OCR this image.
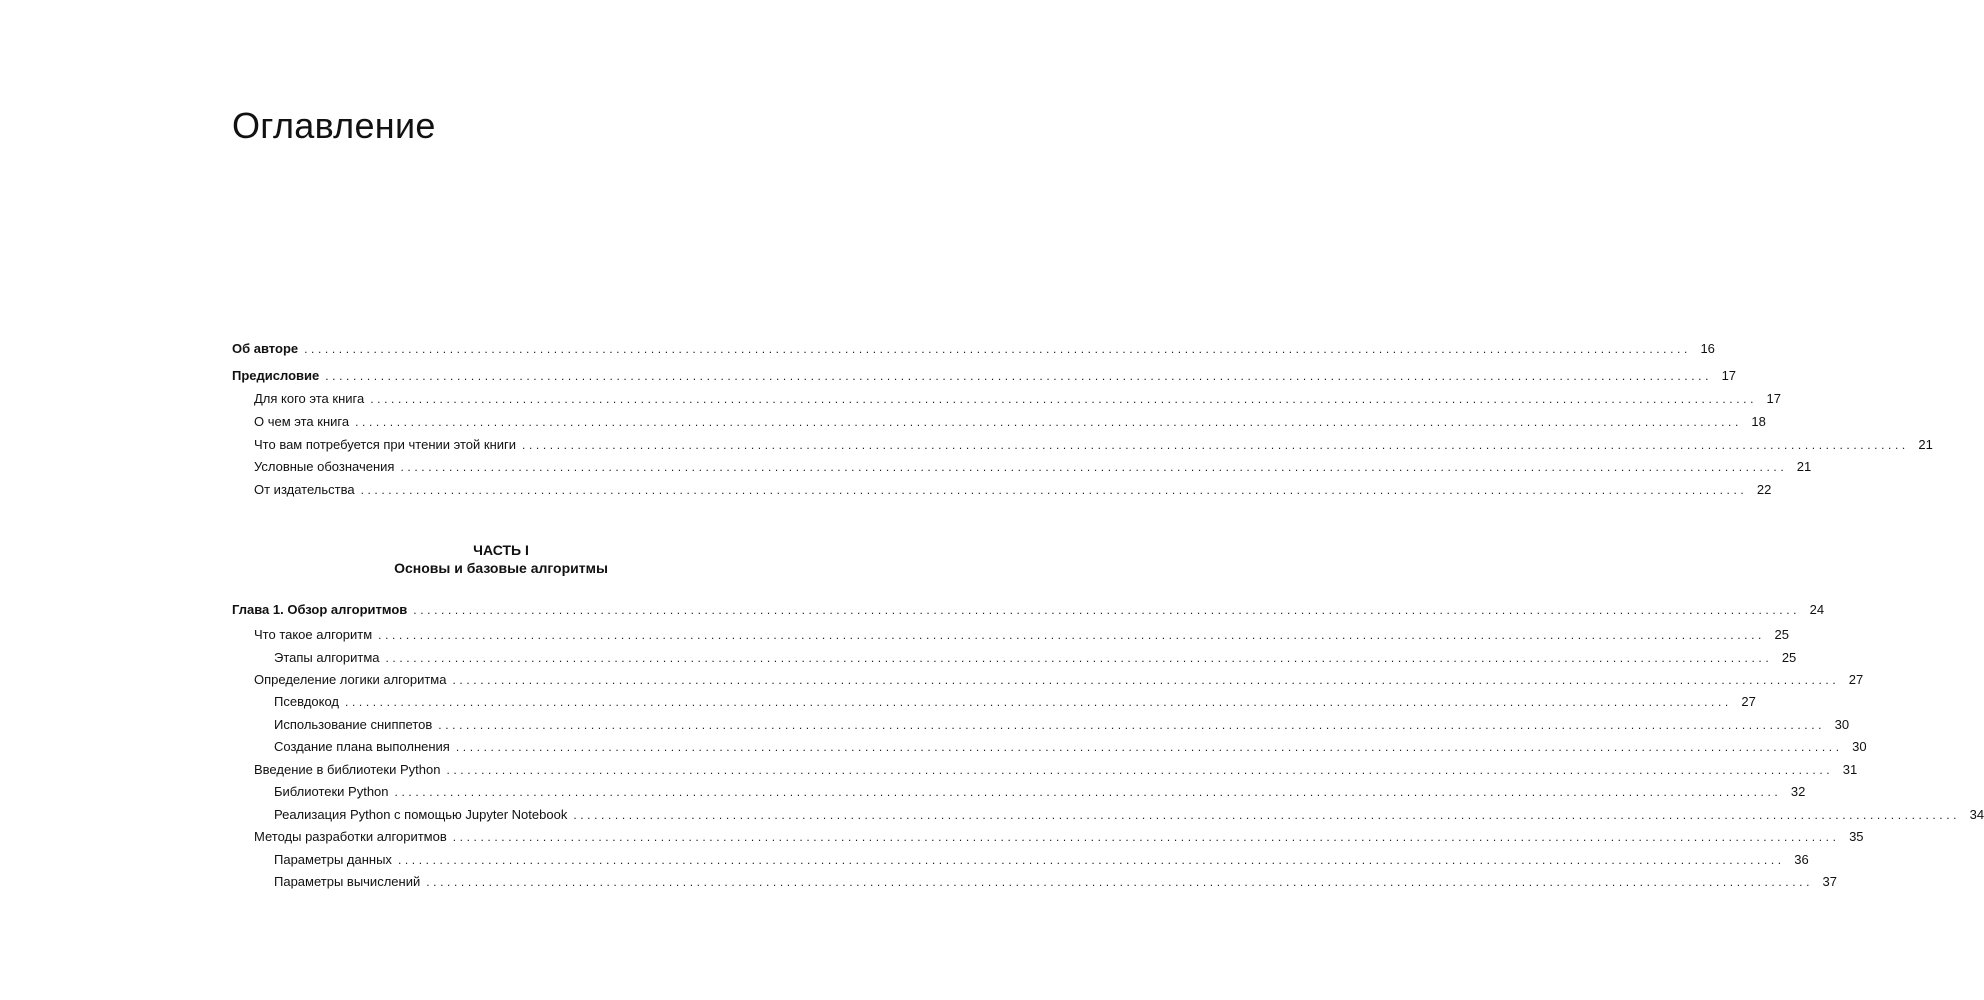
Оглавление
Об авторе ........................................................................................................................................................................................................ 16
Предисловие ........................................................................................................................................................................................................ 17
Для кого эта книга ........................................................................................................................................................................................................ 17
О чем эта книга ........................................................................................................................................................................................................ 18
Что вам потребуется при чтении этой книги ........................................................................................................................................................................................................ 21
Условные обозначения ........................................................................................................................................................................................................ 21
От издательства ........................................................................................................................................................................................................ 22

ЧАСТЬ I

Основы и базовые алгоритмы

Глава 1. Обзор алгоритмов ........................................................................................................................................................................................................ 24
Что такое алгоритм ........................................................................................................................................................................................................ 25
Этапы алгоритма ........................................................................................................................................................................................................ 25
Определение логики алгоритма ........................................................................................................................................................................................................ 27
Псевдокод ........................................................................................................................................................................................................ 27
Использование сниппетов ........................................................................................................................................................................................................ 30
Создание плана выполнения ........................................................................................................................................................................................................ 30
Введение в библиотеки Python ........................................................................................................................................................................................................ 31
Библиотеки Python ........................................................................................................................................................................................................ 32
Реализация Python с помощью Jupyter Notebook ........................................................................................................................................................................................................ 34
Методы разработки алгоритмов ........................................................................................................................................................................................................ 35
Параметры данных ........................................................................................................................................................................................................ 36
Параметры вычислений ........................................................................................................................................................................................................ 37
